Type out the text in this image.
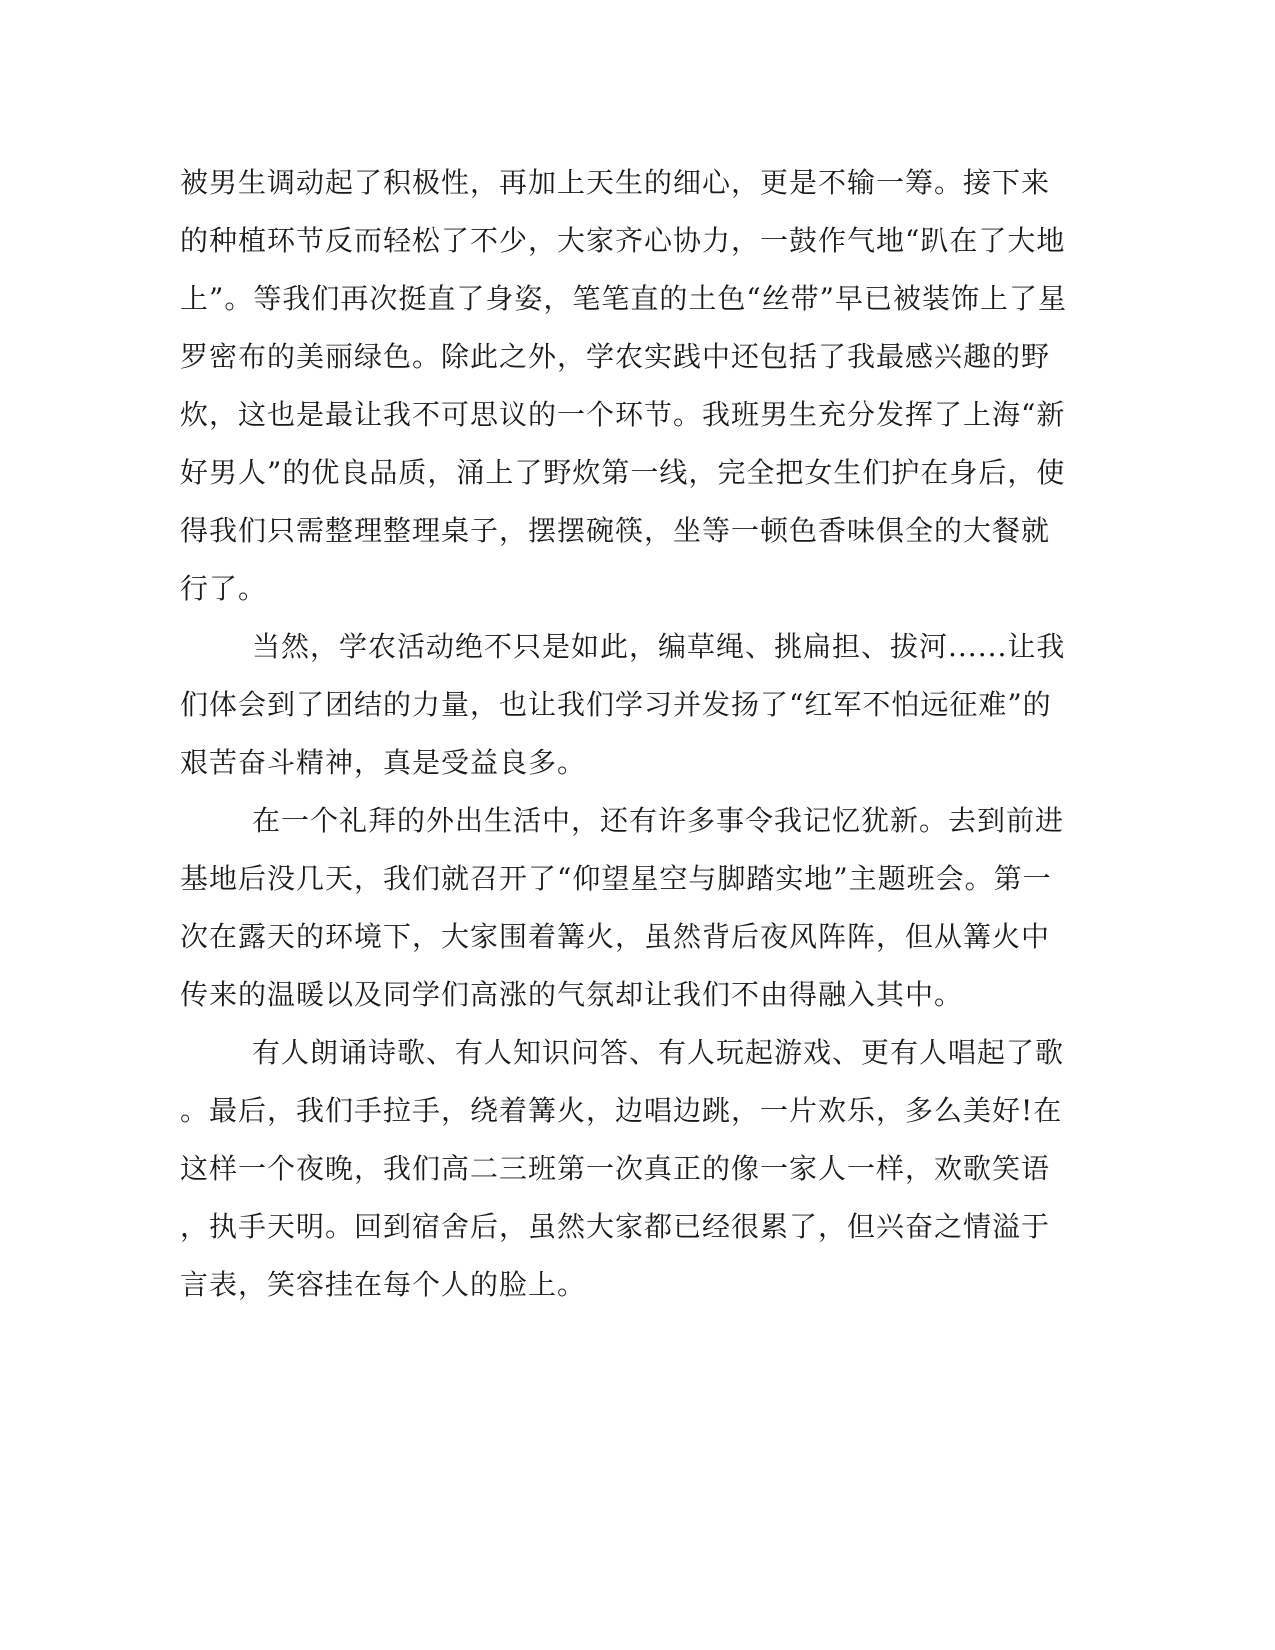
被男生调动起了积极性，再加上天生的细心，更是不输一筹。接下来
的种植环节反而轻松了不少，大家齐心协力，一鼓作气地“趴在了大地
上”。等我们再次挺直了身姿，笔笔直的土色“丝带”早已被装饰上了星
罗密布的美丽绿色。除此之外，学农实践中还包括了我最感兴趣的野
炊，这也是最让我不可思议的一个环节。我班男生充分发挥了上海“新
好男人”的优良品质，涌上了野炊第一线，完全把女生们护在身后，使
得我们只需整理整理桌子，摆摆碗筷，坐等一顿色香味俱全的大餐就
行了。
当然，学农活动绝不只是如此，编草绳、挑扁担、拔河......让我
们体会到了团结的力量，也让我们学习并发扬了“红军不怕远征难”的
艰苦奋斗精神，真是受益良多。
在一个礼拜的外出生活中，还有许多事令我记忆犹新。去到前进
基地后没几天，我们就召开了“仰望星空与脚踏实地”主题班会。第一
次在露天的环境下，大家围着篝火，虽然背后夜风阵阵，但从篝火中
传来的温暖以及同学们高涨的气氛却让我们不由得融入其中。
有人朗诵诗歌、有人知识问答、有人玩起游戏、更有人唱起了歌
。最后，我们手拉手，绕着篝火，边唱边跳，一片欢乐，多么美好!在
这样一个夜晚，我们高二三班第一次真正的像一家人一样，欢歌笑语
，执手天明。回到宿舍后，虽然大家都已经很累了，但兴奋之情溢于
言表，笑容挂在每个人的脸上。
